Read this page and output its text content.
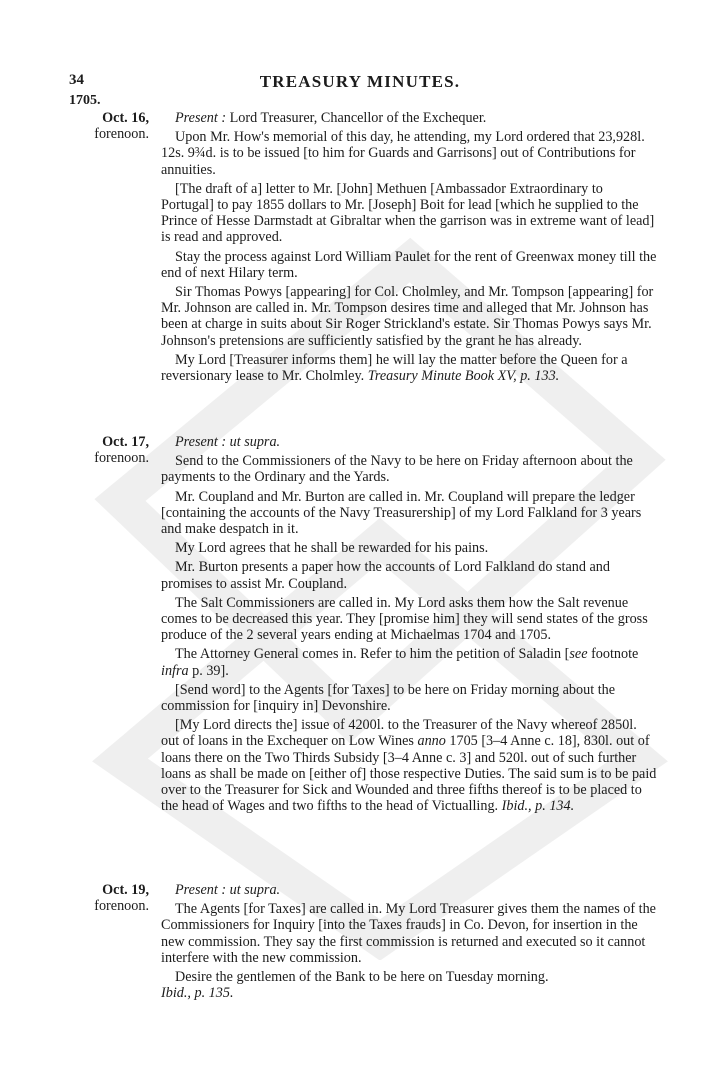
34	TREASURY MINUTES.
1705.
Oct. 16,
forenoon.

Present : Lord Treasurer, Chancellor of the Exchequer.

Upon Mr. How's memorial of this day, he attending, my Lord ordered that 23,928l. 12s. 9¾d. is to be issued [to him for Guards and Garrisons] out of Contributions for annuities.

[The draft of a] letter to Mr. [John] Methuen [Ambassador Extraordinary to Portugal] to pay 1855 dollars to Mr. [Joseph] Boit for lead [which he supplied to the Prince of Hesse Darmstadt at Gibraltar when the garrison was in extreme want of lead] is read and approved.

Stay the process against Lord William Paulet for the rent of Greenwax money till the end of next Hilary term.

Sir Thomas Powys [appearing] for Col. Cholmley, and Mr. Tompson [appearing] for Mr. Johnson are called in. Mr. Tompson desires time and alleged that Mr. Johnson has been at charge in suits about Sir Roger Strickland's estate. Sir Thomas Powys says Mr. Johnson's pretensions are sufficiently satisfied by the grant he has already.

My Lord [Treasurer informs them] he will lay the matter before the Queen for a reversionary lease to Mr. Cholmley. Treasury Minute Book XV, p. 133.

Oct. 17,
forenoon.

Present : ut supra.

Send to the Commissioners of the Navy to be here on Friday afternoon about the payments to the Ordinary and the Yards.

Mr. Coupland and Mr. Burton are called in. Mr. Coupland will prepare the ledger [containing the accounts of the Navy Treasurership] of my Lord Falkland for 3 years and make despatch in it.

My Lord agrees that he shall be rewarded for his pains.

Mr. Burton presents a paper how the accounts of Lord Falkland do stand and promises to assist Mr. Coupland.

The Salt Commissioners are called in. My Lord asks them how the Salt revenue comes to be decreased this year. They [promise him] they will send states of the gross produce of the 2 several years ending at Michaelmas 1704 and 1705.

The Attorney General comes in. Refer to him the petition of Saladin [see footnote infra p. 39].

[Send word] to the Agents [for Taxes] to be here on Friday morning about the commission for [inquiry in] Devonshire.

[My Lord directs the] issue of 4200l. to the Treasurer of the Navy whereof 2850l. out of loans in the Exchequer on Low Wines anno 1705 [3–4 Anne c. 18], 830l. out of loans there on the Two Thirds Subsidy [3–4 Anne c. 3] and 520l. out of such further loans as shall be made on [either of] those respective Duties. The said sum is to be paid over to the Treasurer for Sick and Wounded and three fifths thereof is to be placed to the head of Wages and two fifths to the head of Victualling. Ibid., p. 134.

Oct. 19,
forenoon.

Present : ut supra.

The Agents [for Taxes] are called in. My Lord Treasurer gives them the names of the Commissioners for Inquiry [into the Taxes frauds] in Co. Devon, for insertion in the new commission. They say the first commission is returned and executed so it cannot interfere with the new commission.

Desire the gentlemen of the Bank to be here on Tuesday morning.
Ibid., p. 135.
